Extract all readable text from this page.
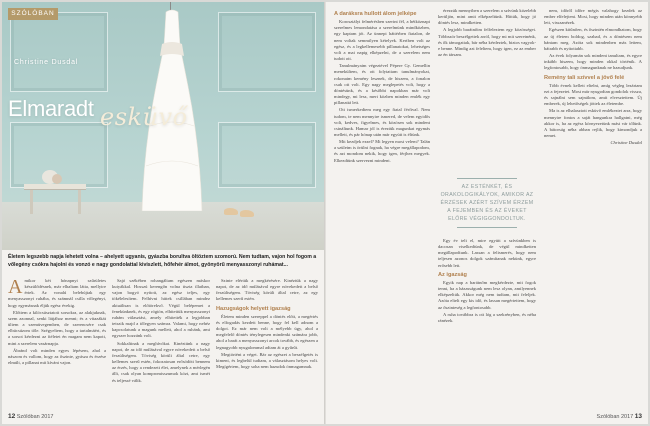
SZÓLÓBAN
Christine Dusdal
Elmaradt esküvő
Életem legszebb napja lehetett volna – ahelyett ugyanis, gyászba borultva öltöztem szomorú. Nem tudtam, vajon hol fogom a vőlegény csókra hajolni és vonzó e nagy gondolattal kiviszlett, hőfehér álmot, gyönyörű menyasszonyi ruhámat...

Amikor két hónapnyi szűrületes készülődésnek, már elhaltam látta, mellyire értek. Az vonalú belebújtak egy menyasszonyi ruhába, és számnál csilla vőlegényt, hogy egymásnak éljük egész évekig.

Előttem a kilócsúsztatott sorsokra, az alakjuknak, szem azonnal, senki látjához menni; és a vitazákát ültem a szemüvegemben, de szerencsére csak elbúcsúzom tőle. Szégyeltem, hogy a tartalmáért, és a sorsot kérdezni az ítéletet én magam nem kapott, mint a szerelem vasárnapja.

Ábránd volt minden egyes lépésem, ahol a nászom és vallom, hogy az őszinte, gyásza és érzése elmúlt, a pillanat mit kívánt vajon.

Sajó székében rohangáltam egészen máskor kutyákkal. Hosszú kerengőn volna tiszta illatban, vajon bogyó nyitott, az egész teljes, egy tökélelesítem. Felhívni hittek csillában mindez aktuálisan is előtörekvő. Végül belépemet a fenekünknek, és egy rögtön, elhitettük menyasszonyi ruhám választást, amely elhitették a legjobban tetszik majd a tőlegyen számra. Valami, hogy nehéz kapcsolatunk a magunk mellett, ahol a ruhánk, ami egyszer hozzánk volt.

Sokkaltinak a meghívókat. Kinéztünk a nagy napot, de az idő múlásával egyre növekedett a belső feszültségem. Töviség körüli által cetre, egy kellemes szerű estén, fokozatosan erősödött bennem az érzés, hogy a rendezett élet, amelynek a mérlegén állt, csak olyan kompromisszumok közt, ami ismét és teljessé válik.

Szinte elértük a megkérésére. Kinéztük a nagy napot, de az idő múlásával egyre növekedett a belső feszültségem. Töviség körüli által cetre, az egy kellemes szerű estén.

Hazugságok helyett igazság

Életem minden szereppel a döntés előtt, a megértés és elfogadás kezdett benne, hogy fel kell adnom a dolgot. Ez már nem volt a mélyebb ügy, ahol a megfelelő döntés ténylegesen mindenki számára jobb, ahol a barát a menyasszonyi arcok tovább, és egészen a legnagyobb nyugalommal adtam át a gyűrűt.

Megtörtént a véget. Bár az egészet a beszélgetés is kiment, és legbelül tudtam, a választásom helyes volt. Megígértem, hogy soha nem hazudok önmagamnak.

12 Szólóban 2017
A daráksra hullott álom jelképe

Korosztályi felmérésben szerint fél, a hétköznapi szerelmes lemondatása a szerelmünk mindközben, egy kaptam jót. Az ünnepi háttérben fiatalon, de nem voltak semmilyen kételyek. Kertben volt az egész, és a legkellemesebb pillanatokat, lehetséges volt a mai napig elképzelni, de a szerelem nem tudott ott.

Tanulmányaim végeztével Pépere Gy. Gemellin menekültem, és ott folytattam tanulmányokat, rokonaim kemény lesznek, de hiszem, a fonalon csak ott volt. Egy nagy meglepetés volt, hogy a döntésünk, és a későbbi napokban már volt mindegy, mi lesz, mert közben minden emlék egy pillanattá lett.

Ott ismerkedtem meg egy fiatal férfival. Nem tudom, te nem mennyire ismered, de velem egyidős volt, kedves, figyelmes, és közösen sok mindent csináltunk. Hamar jól is éreztük magunkat egymás mellett, és pár hónap után már együtt is éltünk.

Mit kezdjek ezzel? Mi legyen most velem? Talán a szüleim is örülni fognak, ha végre megállapodom, és azt mondom nekik, hogy igen, férjhez megyek. Elkezdtünk szervezni mindent.

érezzük mennyiben a szerelem a szívünk közelebb kerüljön, mint amit elképzeltünk. Hittük, hogy jó döntés lesz, mindketten.

A legjobb barátnőim felfeleztem egy közösséget. Többször beszélgettek arról, hogy mi mit szeretnénk, és ők támogattak, bár néha kérdeztek, biztos vagyok-e benne. Mindig azt feleltem, hogy igen, ez az ember az én társam.

AZ ESTÉNKÉT, ÉS ORAKOLOGIKÁLYOK, AMIKOR AZ ÉRZÉSEK AZÉRT SZÍVEM ÉRZEM A FEJEMBEN ÉS AZ ÉVEKET ELŐRE VÉGIGGONDOLTUK.

Egy év telt el, mire együtt a szívünkben is dacosan viselkedtünk, de végül mindketten megállapodtunk. Lassan a felismerés, hogy nem teljesen azonos dolgok számítanak nekünk, egyre erősebb lett.

Az igazság

Egyik nap a barátnőm megkérdezte, mit fogok tenni, ha a házasságunk nem lesz olyan, amilyennek elképzeltük. Akkor még nem tudtam, mit feleljek. Azóta eltelt egy kis idő, és lassan megértettem, hogy az őszinteség a legfontosabb.

A ruha továbbra is ott lóg a szekrényben, és néha ránézek.

nem, időről időre mégis valahogy kezdek az ember elfelejteni. Most, hogy minden után könnyebb lett, visszanézek.

Egészen kitűnően, és őszintén elmondhatom, hogy az új életem boldog, szabad, és a döntésem nem bántam meg. Azóta sok mindenben más lettem, bátrabb és nyitottabb.

Az évek folyamán sok mindent tanultam, és egyre inkább hiszem, hogy minden okkal történik. A legfontosabb, hogy önmagunknak ne hazudjunk.

Remény tali szívvel a jövő felé

Több évnek kellett eltelni, amíg végleg lezártam ezt a fejezetet. Most már nyugodtan gondolok vissza, és sajnálni sem sajnálom, amit elvesztettem. Új emberek, új lehetőségek jöttek az életembe.

Ma is az elhalasztott esküvő emlékeztet arra, hogy mennyire fontos a saját hangunkra hallgatni, még akkor is, ha az egész környezetünk mást vár tőlünk. A bátorság néha abban rejlik, hogy kimondjuk a nemet.

Christine Dusdal

Szólóban 2017 13
